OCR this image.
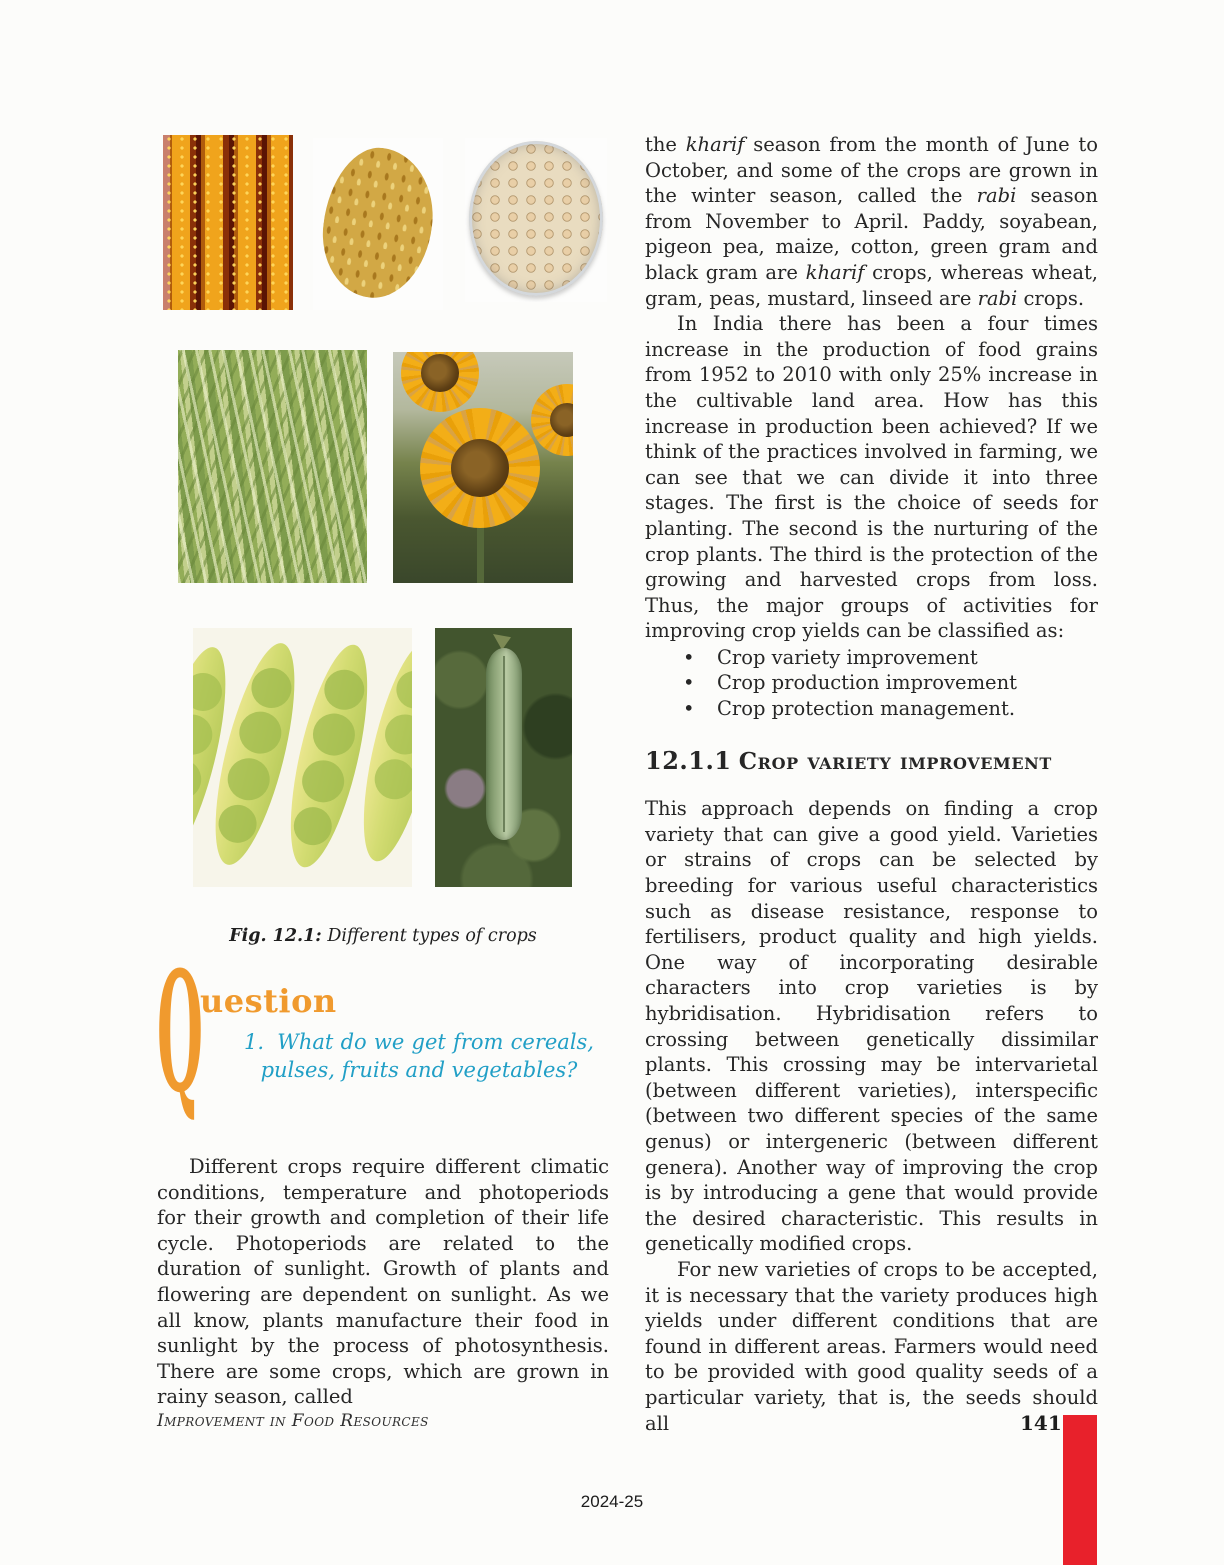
Fig. 12.1: Different types of crops
Q
uestion
1. What do we get from cereals,
pulses, fruits and vegetables?

Different crops require different climatic conditions, temperature and photoperiods for their growth and completion of their life cycle. Photoperiods are related to the duration of sunlight. Growth of plants and flowering are dependent on sunlight. As we all know, plants manufacture their food in sunlight by the process of photosynthesis. There are some crops, which are grown in rainy season, called

the kharif season from the month of June to October, and some of the crops are grown in the winter season, called the rabi season from November to April. Paddy, soyabean, pigeon pea, maize, cotton, green gram and black gram are kharif crops, whereas wheat, gram, peas, mustard, linseed are rabi crops.

In India there has been a four times increase in the production of food grains from 1952 to 2010 with only 25% increase in the cultivable land area. How has this increase in production been achieved? If we think of the practices involved in farming, we can see that we can divide it into three stages. The first is the choice of seeds for planting. The second is the nurturing of the crop plants. The third is the protection of the growing and harvested crops from loss. Thus, the major groups of activities for improving crop yields can be classified as:

• Crop variety improvement
• Crop production improvement
• Crop protection management.
12.1.1 Crop variety improvement

This approach depends on finding a crop variety that can give a good yield. Varieties or strains of crops can be selected by breeding for various useful characteristics such as disease resistance, response to fertilisers, product quality and high yields. One way of incorporating desirable characters into crop varieties is by hybridisation. Hybridisation refers to crossing between genetically dissimilar plants. This crossing may be intervarietal (between different varieties), interspecific (between two different species of the same genus) or intergeneric (between different genera). Another way of improving the crop is by introducing a gene that would provide the desired characteristic. This results in genetically modified crops.

For new varieties of crops to be accepted, it is necessary that the variety produces high yields under different conditions that are found in different areas. Farmers would need to be provided with good quality seeds of a particular variety, that is, the seeds should all

Improvement in Food Resources	141
2024-25
